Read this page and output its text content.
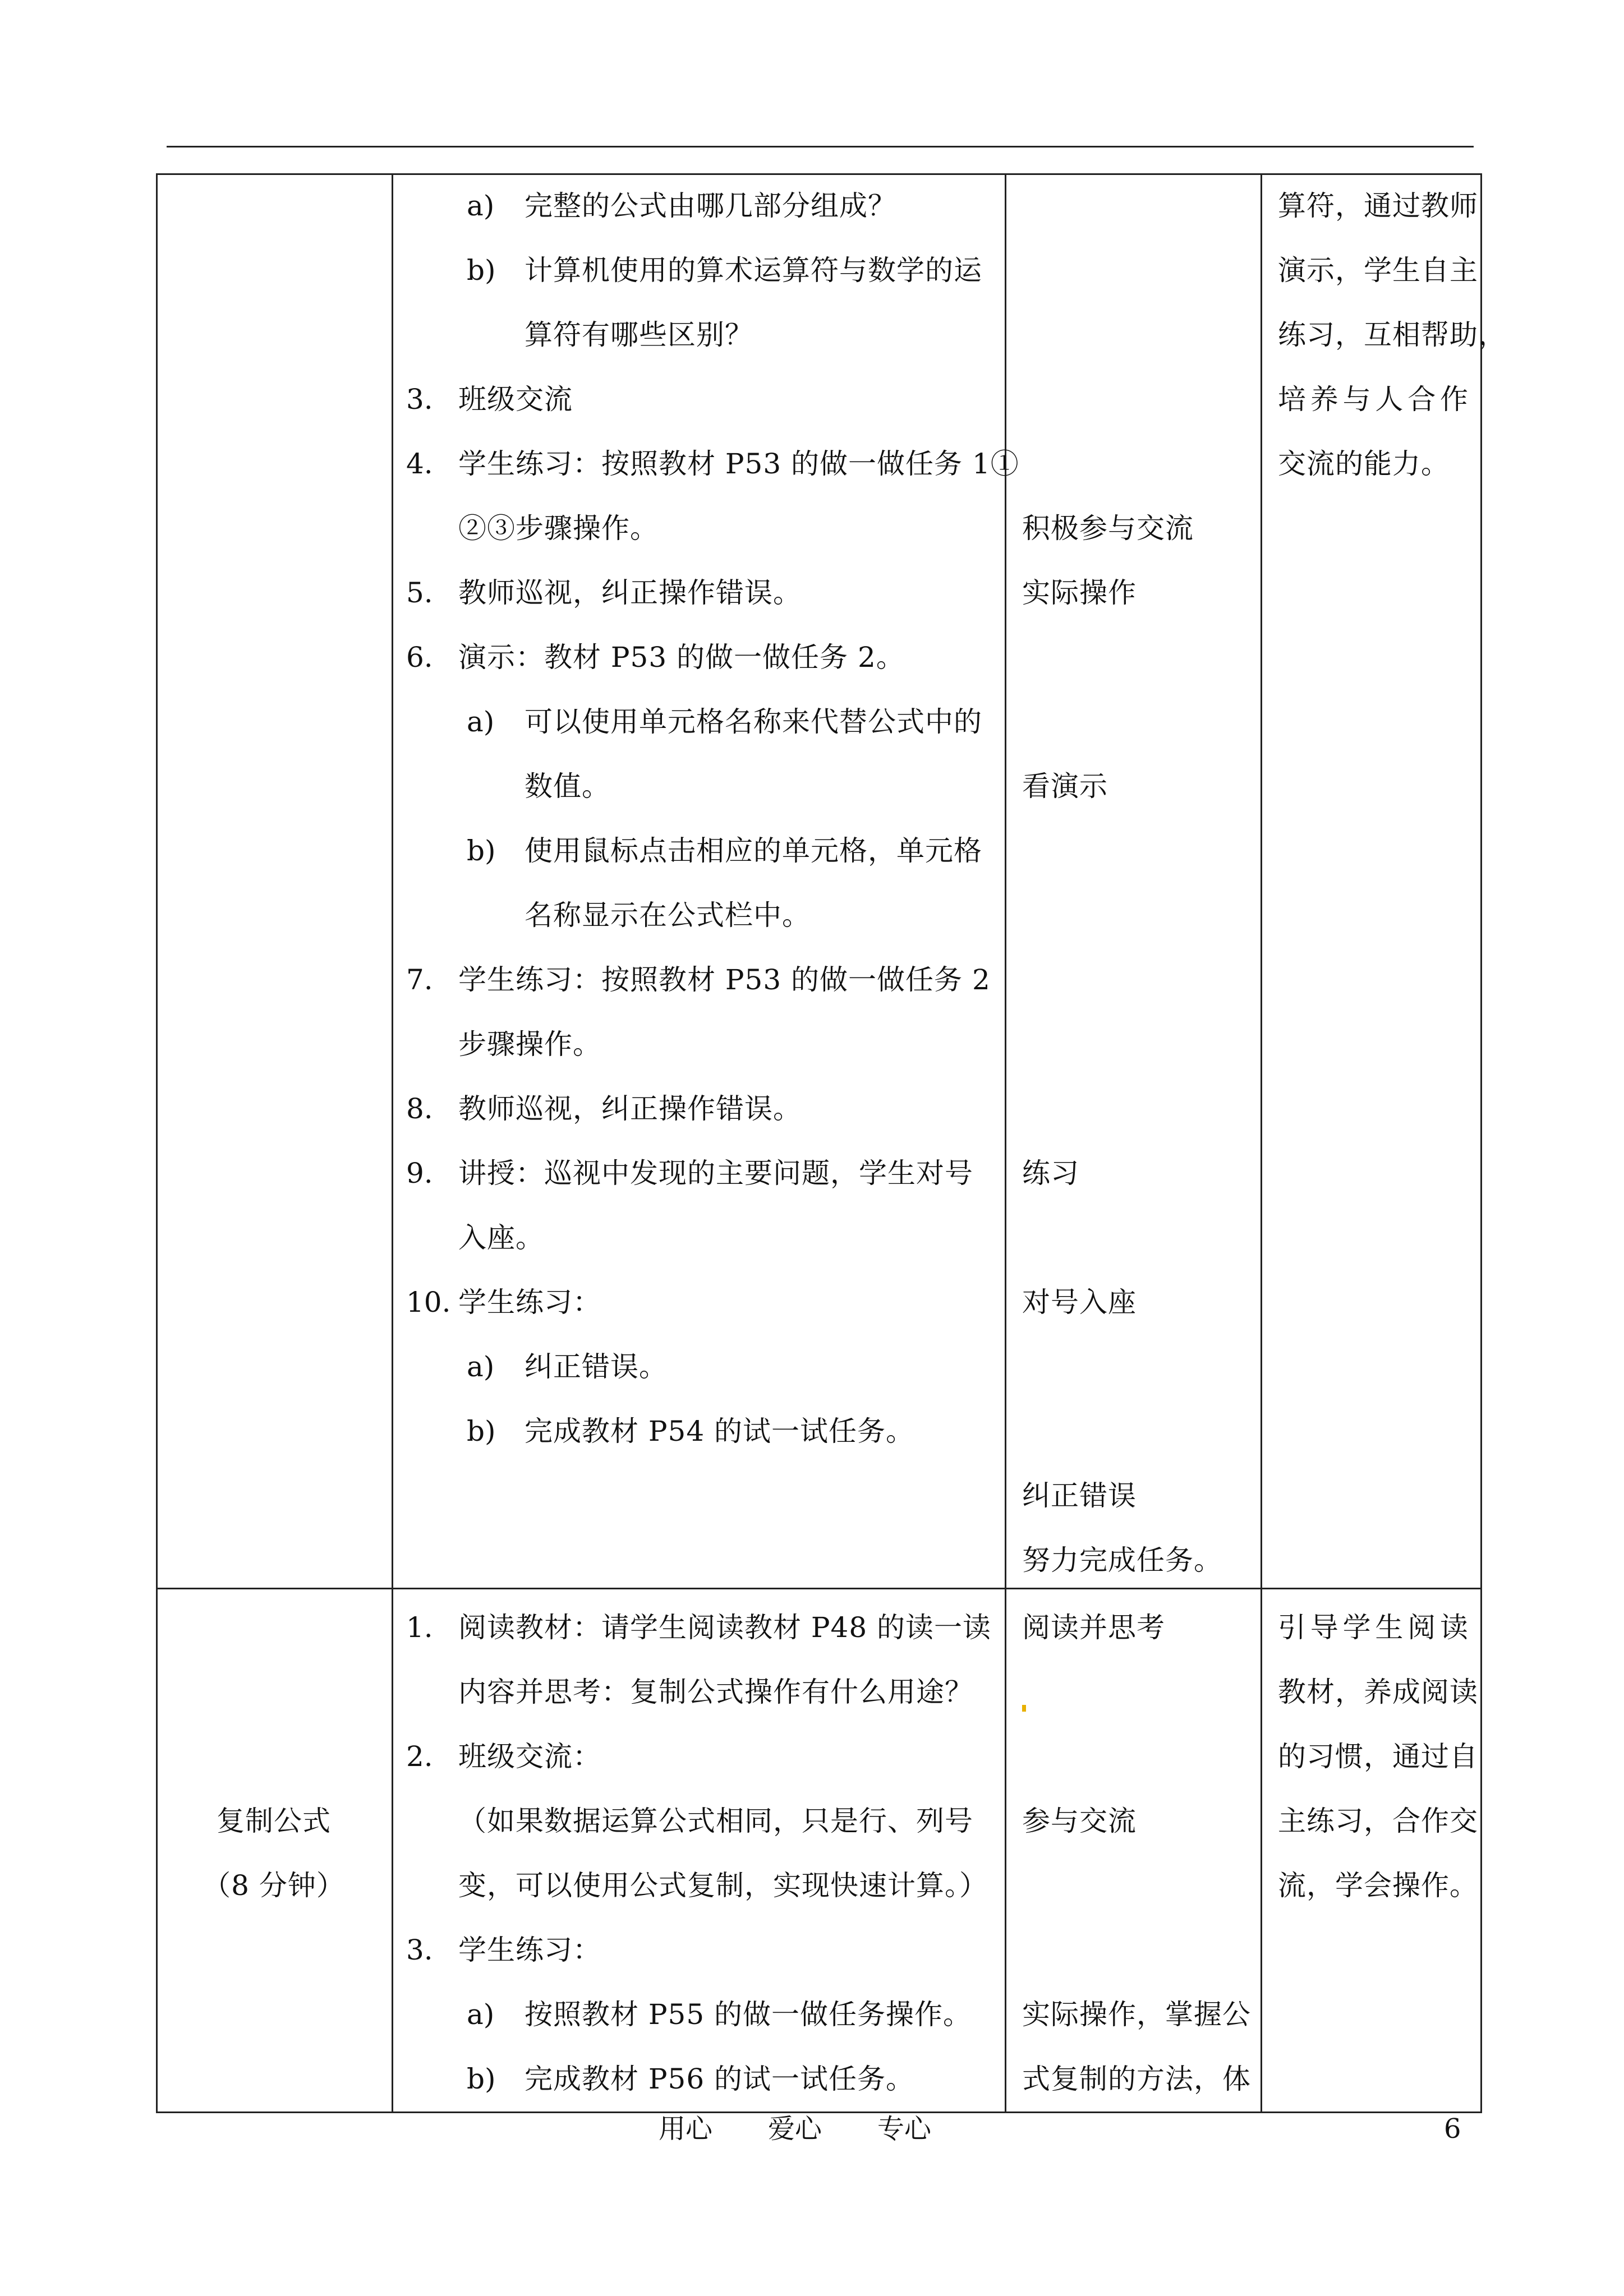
a) 完整的公式由哪几部分组成？
b) 计算机使用的算术运算符与数学的运
算符有哪些区别？
3. 班级交流
4. 学生练习：按照教材 P53 的做一做任务 1①
②③步骤操作。
5. 教师巡视，纠正操作错误。
6. 演示：教材 P53 的做一做任务 2。
a) 可以使用单元格名称来代替公式中的
数值。
b) 使用鼠标点击相应的单元格，单元格
名称显示在公式栏中。
7. 学生练习：按照教材 P53 的做一做任务 2
步骤操作。
8. 教师巡视，纠正操作错误。
9. 讲授：巡视中发现的主要问题，学生对号
入座。
10. 学生练习：
a) 纠正错误。
b) 完成教材 P54 的试一试任务。
积极参与交流
实际操作
看演示
练习
对号入座
纠正错误
努力完成任务。
算符，通过教师
演示，学生自主
练习，互相帮助，
培养与人合作
交流的能力。
复制公式
（8 分钟）
1. 阅读教材：请学生阅读教材 P48 的读一读
内容并思考：复制公式操作有什么用途？
2. 班级交流：
（如果数据运算公式相同，只是行、列号
变，可以使用公式复制，实现快速计算。）
3. 学生练习：
a) 按照教材 P55 的做一做任务操作。
b) 完成教材 P56 的试一试任务。
阅读并思考
参与交流
实际操作，掌握公
式复制的方法，体
引导学生阅读
教材，养成阅读
的习惯，通过自
主练习，合作交
流，学会操作。
用心 爱心 专心	6
